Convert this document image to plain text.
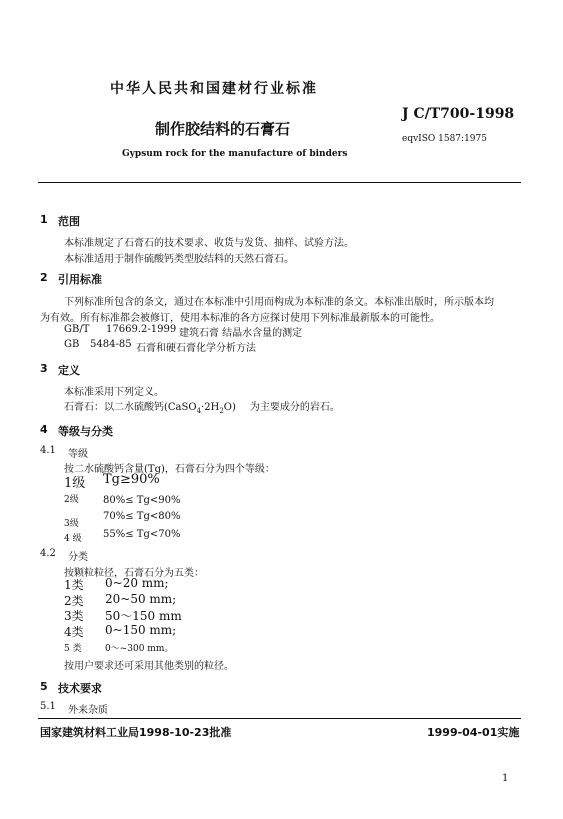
中华人民共和国建材行业标准
J C/T700-1998
eqvISO 1587:1975
制作胶结料的石膏石
Gypsum rock for the manufacture of binders
1 范围
本标准规定了石膏石的技术要求、收货与发货、抽样、试验方法。
本标准适用于制作硫酸钙类型胶结料的天然石膏石。
2 引用标准
下列标准所包含的条文，通过在本标准中引用而构成为本标准的条文。本标准出版时，所示版本均
为有效。所有标准都会被修订，使用本标准的各方应探讨使用下列标准最新版本的可能性。
GB/T 17669.2-1999 建筑石膏 结晶水含量的测定
GB 5484-85 石膏和硬石膏化学分析方法
3 定义
本标准采用下列定义。
石膏石：以二水硫酸钙$(CaSO_4\cdot 2H_2O)$ 为主要成分的岩石。
4 等级与分类
4.1 等级
按二水硫酸钙含量(Tg)，石膏石分为四个等级：
1级 Tg≥90%
2级 80%≤ Tg<90%
3级
70%≤ Tg<80%
4 级 55%≤ Tg<70%
4.2 分类
按颗粒粒径，石膏石分为五类：
1类 0~20 mm;
2类 20~50 mm;
3类 50～150 mm
4类 0~150 mm;
5 类	0～~300 mm。
按用户要求还可采用其他类别的粒径。
5 技术要求
5.1 外来杂质
国家建筑材料工业局1998-10-23批准	1999-04-01实施
1
